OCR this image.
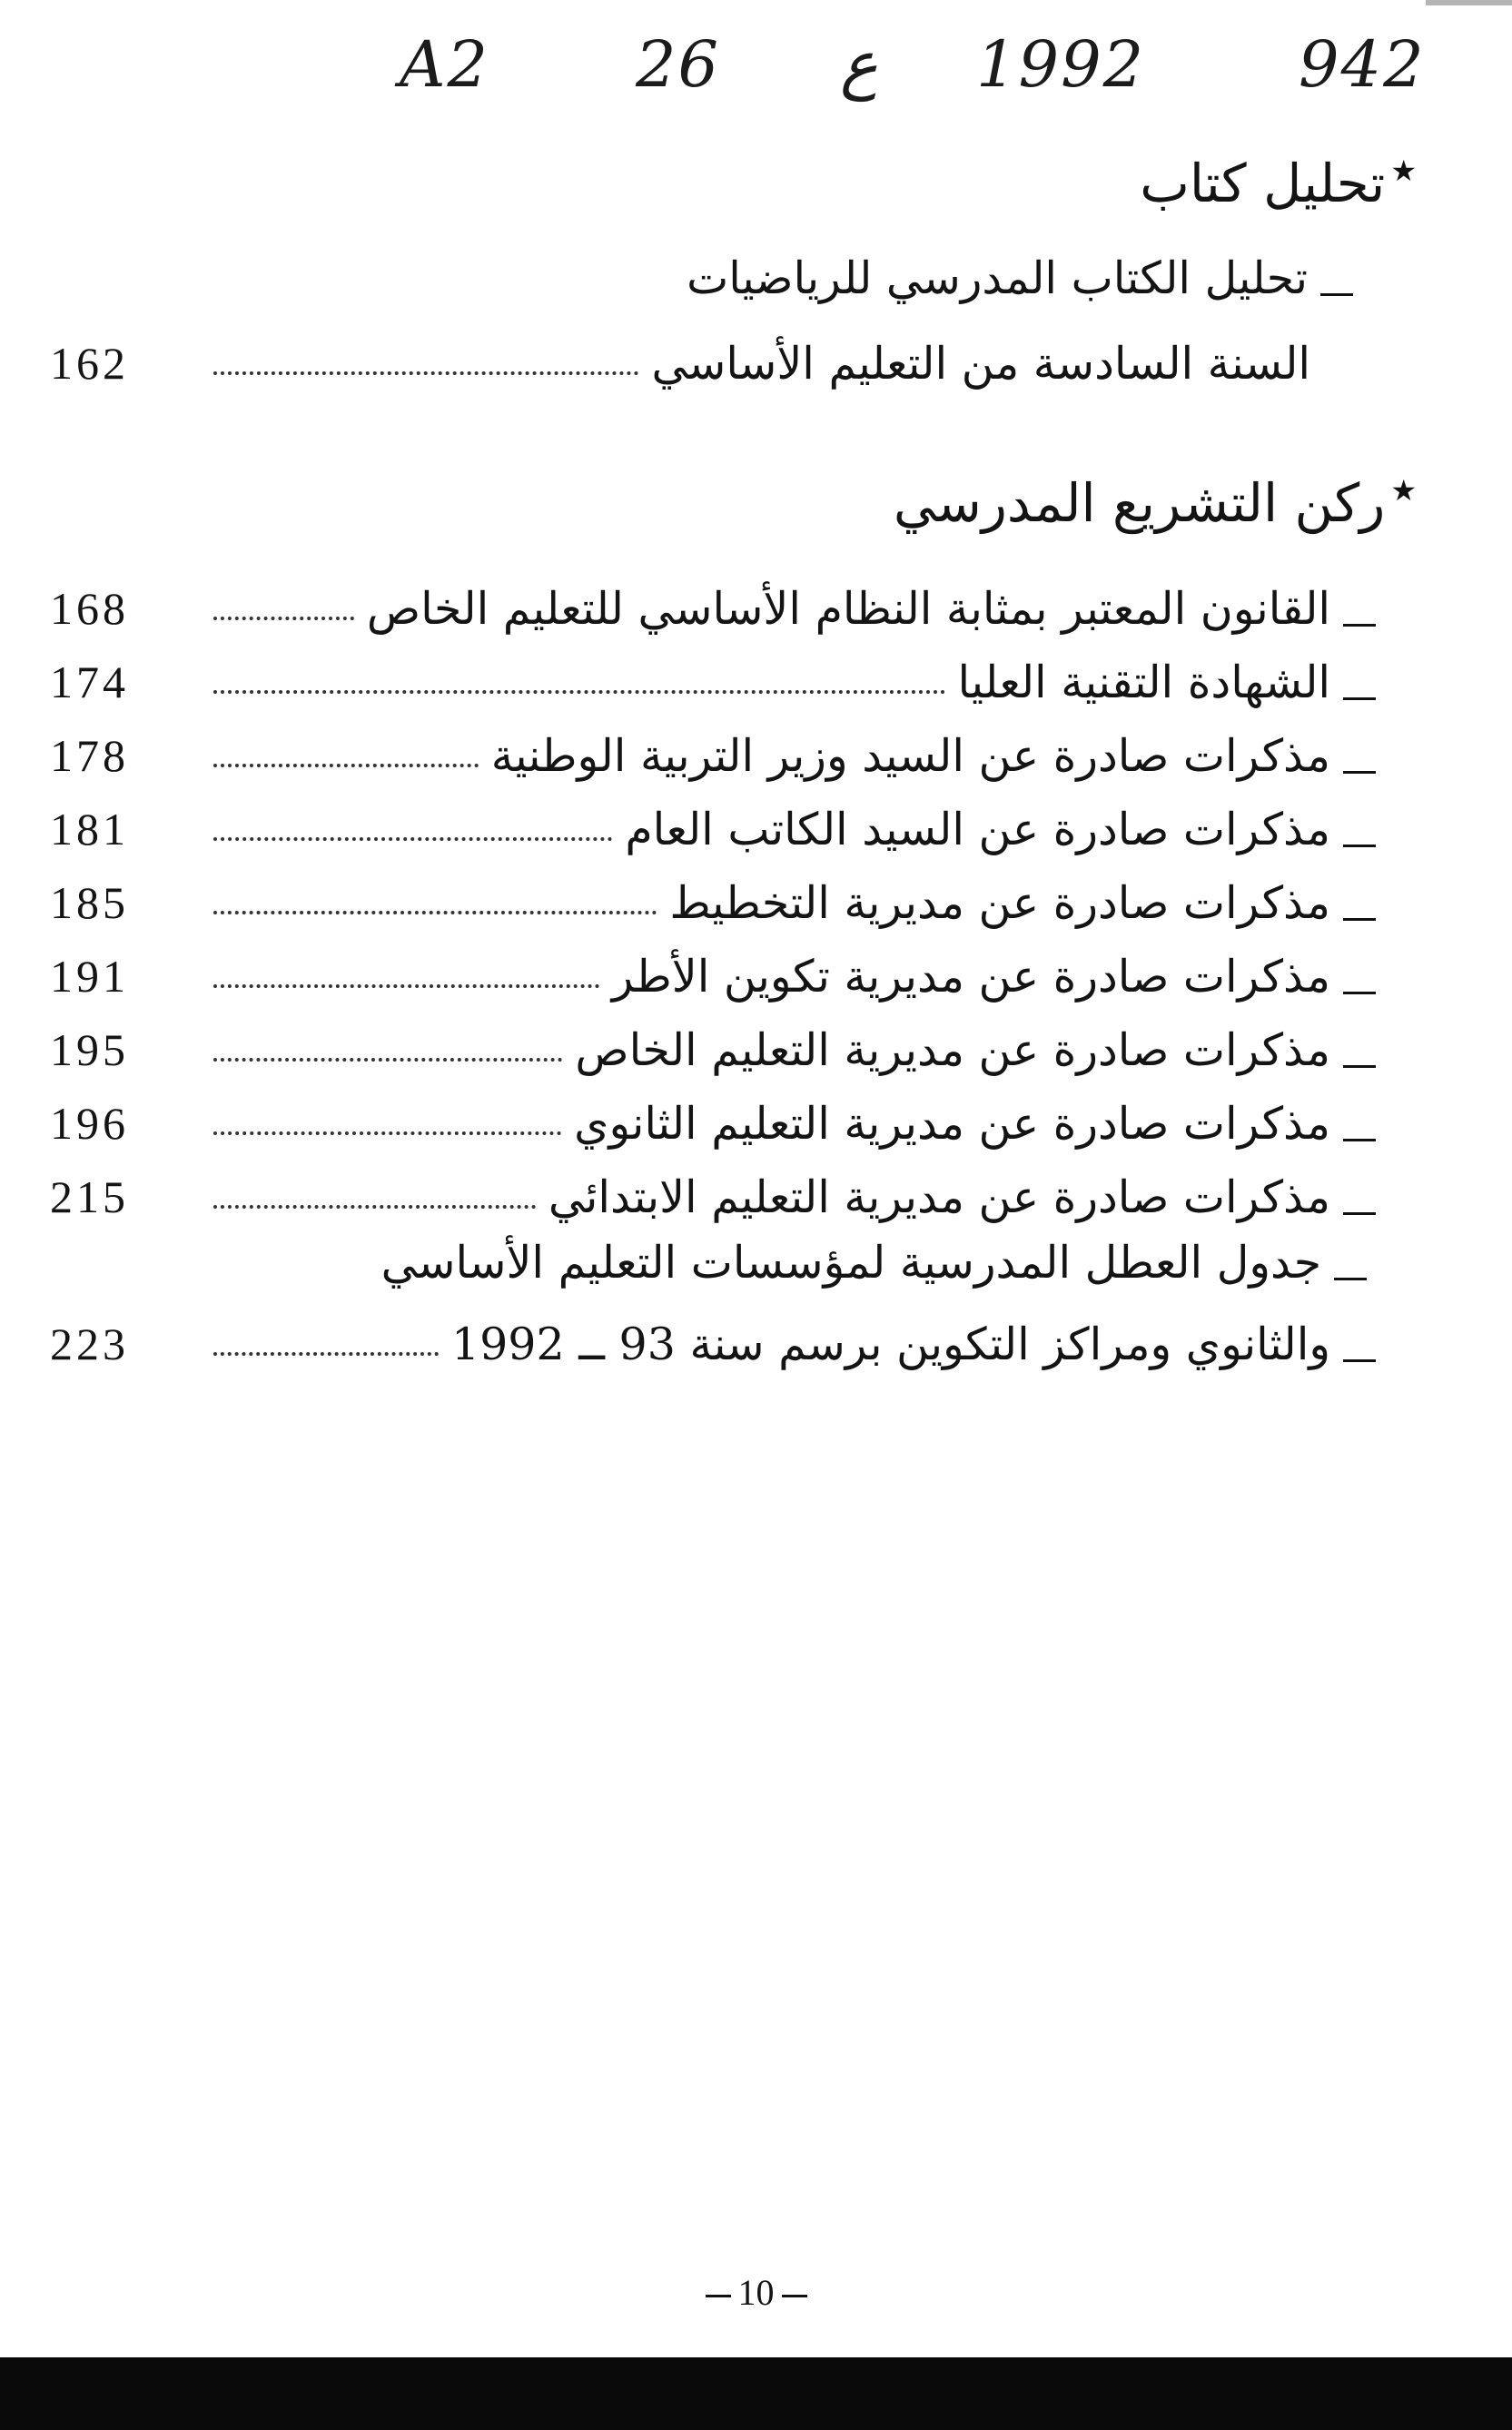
A2 26 ع 1992 942
★
تحليل كتاب
تحليل الكتاب المدرسي للرياضيات
162	السنة السادسة من التعليم الأساسي
★
ركن التشريع المدرسي
168	القانون المعتبر بمثابة النظام الأساسي للتعليم الخاص
174	الشهادة التقنية العليا
178	مذكرات صادرة عن السيد وزير التربية الوطنية
181	مذكرات صادرة عن السيد الكاتب العام
185	مذكرات صادرة عن مديرية التخطيط
191	مذكرات صادرة عن مديرية تكوين الأطر
195	مذكرات صادرة عن مديرية التعليم الخاص
196	مذكرات صادرة عن مديرية التعليم الثانوي
215	مذكرات صادرة عن مديرية التعليم الابتدائي
جدول العطل المدرسية لمؤسسات التعليم الأساسي
223	والثانوي ومراكز التكوين برسم سنة 93 ــ 1992
10
